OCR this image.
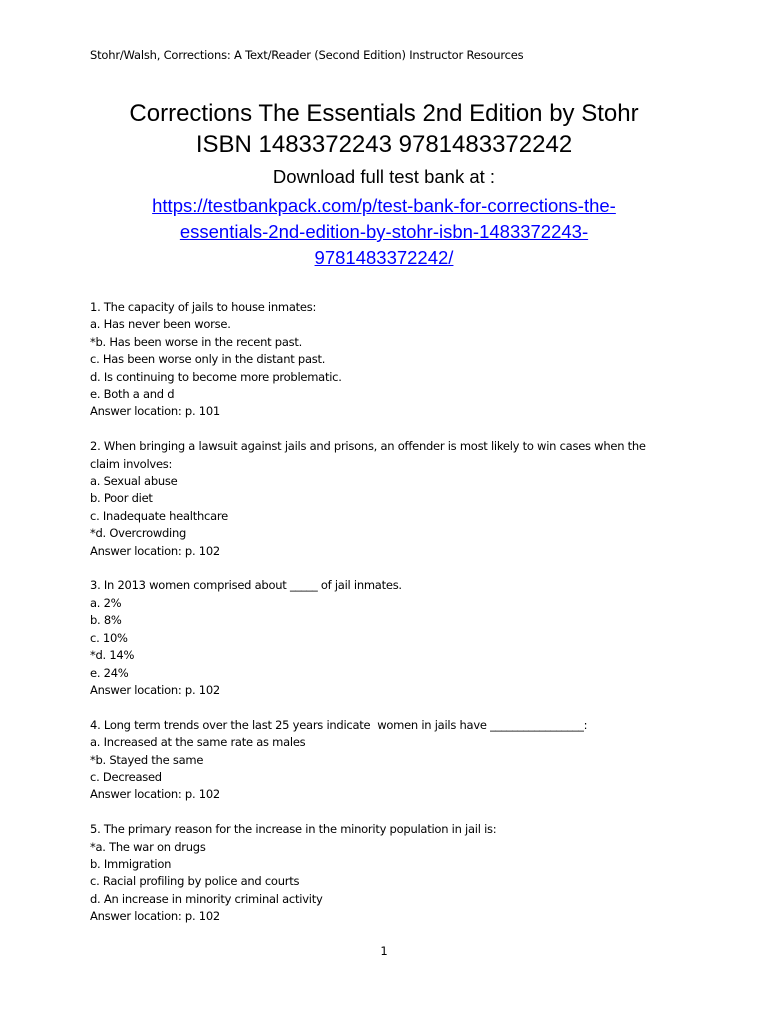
Stohr/Walsh, Corrections: A Text/Reader (Second Edition) Instructor Resources
Corrections The Essentials 2nd Edition by Stohr
ISBN 1483372243 9781483372242
Download full test bank at :
https://testbankpack.com/p/test-bank-for-corrections-the-
essentials-2nd-edition-by-stohr-isbn-1483372243-
9781483372242/
1. The capacity of jails to house inmates:
a. Has never been worse.
*b. Has been worse in the recent past.
c. Has been worse only in the distant past.
d. Is continuing to become more problematic.
e. Both a and d
Answer location: p. 101
2. When bringing a lawsuit against jails and prisons, an offender is most likely to win cases when the
claim involves:
a. Sexual abuse
b. Poor diet
c. Inadequate healthcare
*d. Overcrowding
Answer location: p. 102
3. In 2013 women comprised about _____ of jail inmates.
a. 2%
b. 8%
c. 10%
*d. 14%
e. 24%
Answer location: p. 102
4. Long term trends over the last 25 years indicate  women in jails have _________________:
a. Increased at the same rate as males
*b. Stayed the same
c. Decreased
Answer location: p. 102
5. The primary reason for the increase in the minority population in jail is:
*a. The war on drugs
b. Immigration
c. Racial profiling by police and courts
d. An increase in minority criminal activity
Answer location: p. 102
1
